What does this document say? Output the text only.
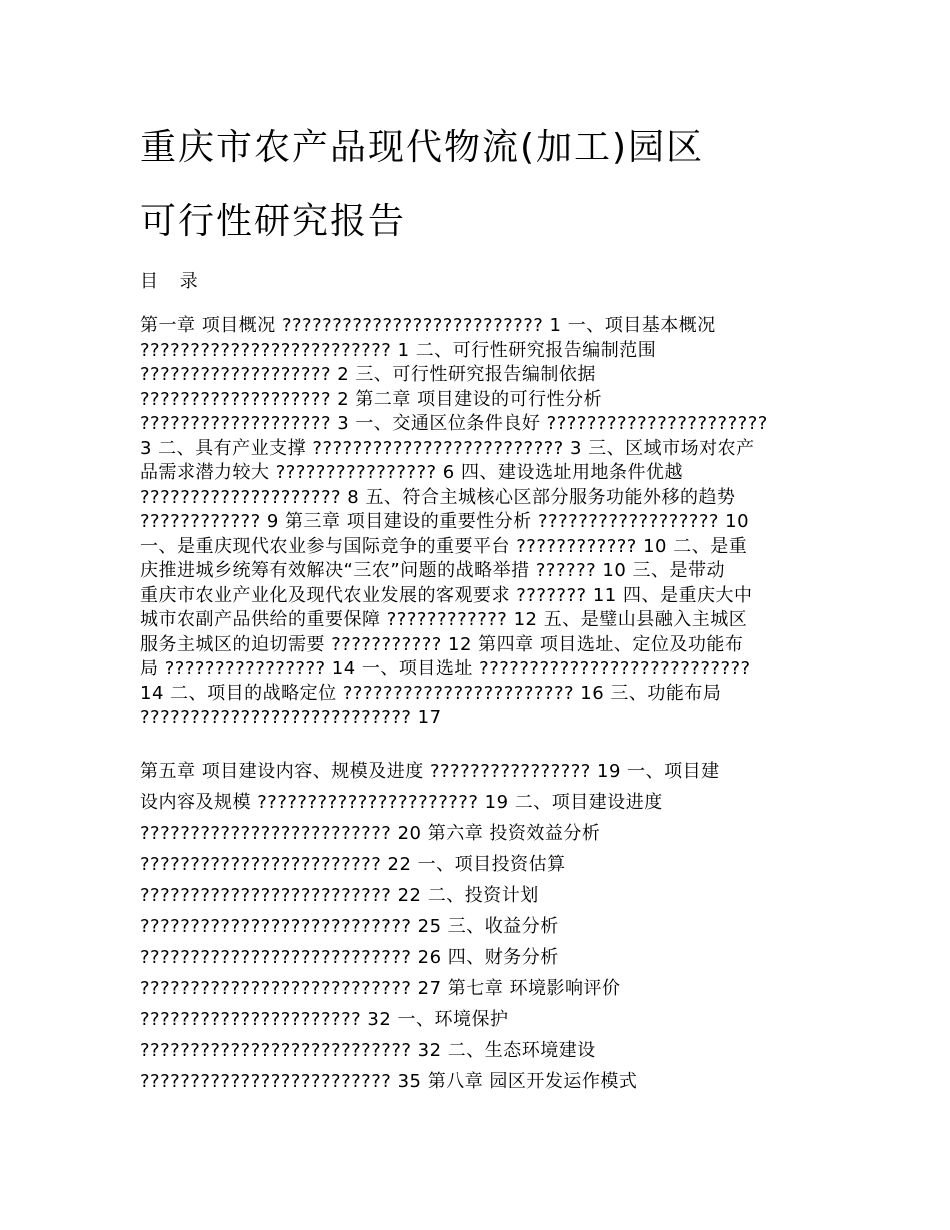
重庆市农产品现代物流(加工)园区
可行性研究报告
目 录
第一章 项目概况 ?????????????????????????? 1 一、项目基本概况
????????????????????????? 1 二、可行性研究报告编制范围
??????????????????? 2 三、可行性研究报告编制依据
??????????????????? 2 第二章 项目建设的可行性分析
??????????????????? 3 一、交通区位条件良好 ??????????????????????
3 二、具有产业支撑 ????????????????????????? 3 三、区域市场对农产
品需求潜力较大 ???????????????? 6 四、建设选址用地条件优越
???????????????????? 8 五、符合主城核心区部分服务功能外移的趋势
???????????? 9 第三章 项目建设的重要性分析 ?????????????????? 10
一、是重庆现代农业参与国际竞争的重要平台 ???????????? 10 二、是重
庆推进城乡统筹有效解决“三农”问题的战略举措 ?????? 10 三、是带动
重庆市农业产业化及现代农业发展的客观要求 ??????? 11 四、是重庆大中
城市农副产品供给的重要保障 ???????????? 12 五、是璧山县融入主城区
服务主城区的迫切需要 ??????????? 12 第四章 项目选址、定位及功能布
局 ???????????????? 14 一、项目选址 ???????????????????????????
14 二、项目的战略定位 ??????????????????????? 16 三、功能布局
??????????????????????????? 17
第五章 项目建设内容、规模及进度 ???????????????? 19 一、项目建
设内容及规模 ?????????????????????? 19 二、项目建设进度
????????????????????????? 20 第六章 投资效益分析
???????????????????????? 22 一、项目投资估算
????????????????????????? 22 二、投资计划
??????????????????????????? 25 三、收益分析
??????????????????????????? 26 四、财务分析
??????????????????????????? 27 第七章 环境影响评价
?????????????????????? 32 一、环境保护
??????????????????????????? 32 二、生态环境建设
????????????????????????? 35 第八章 园区开发运作模式
